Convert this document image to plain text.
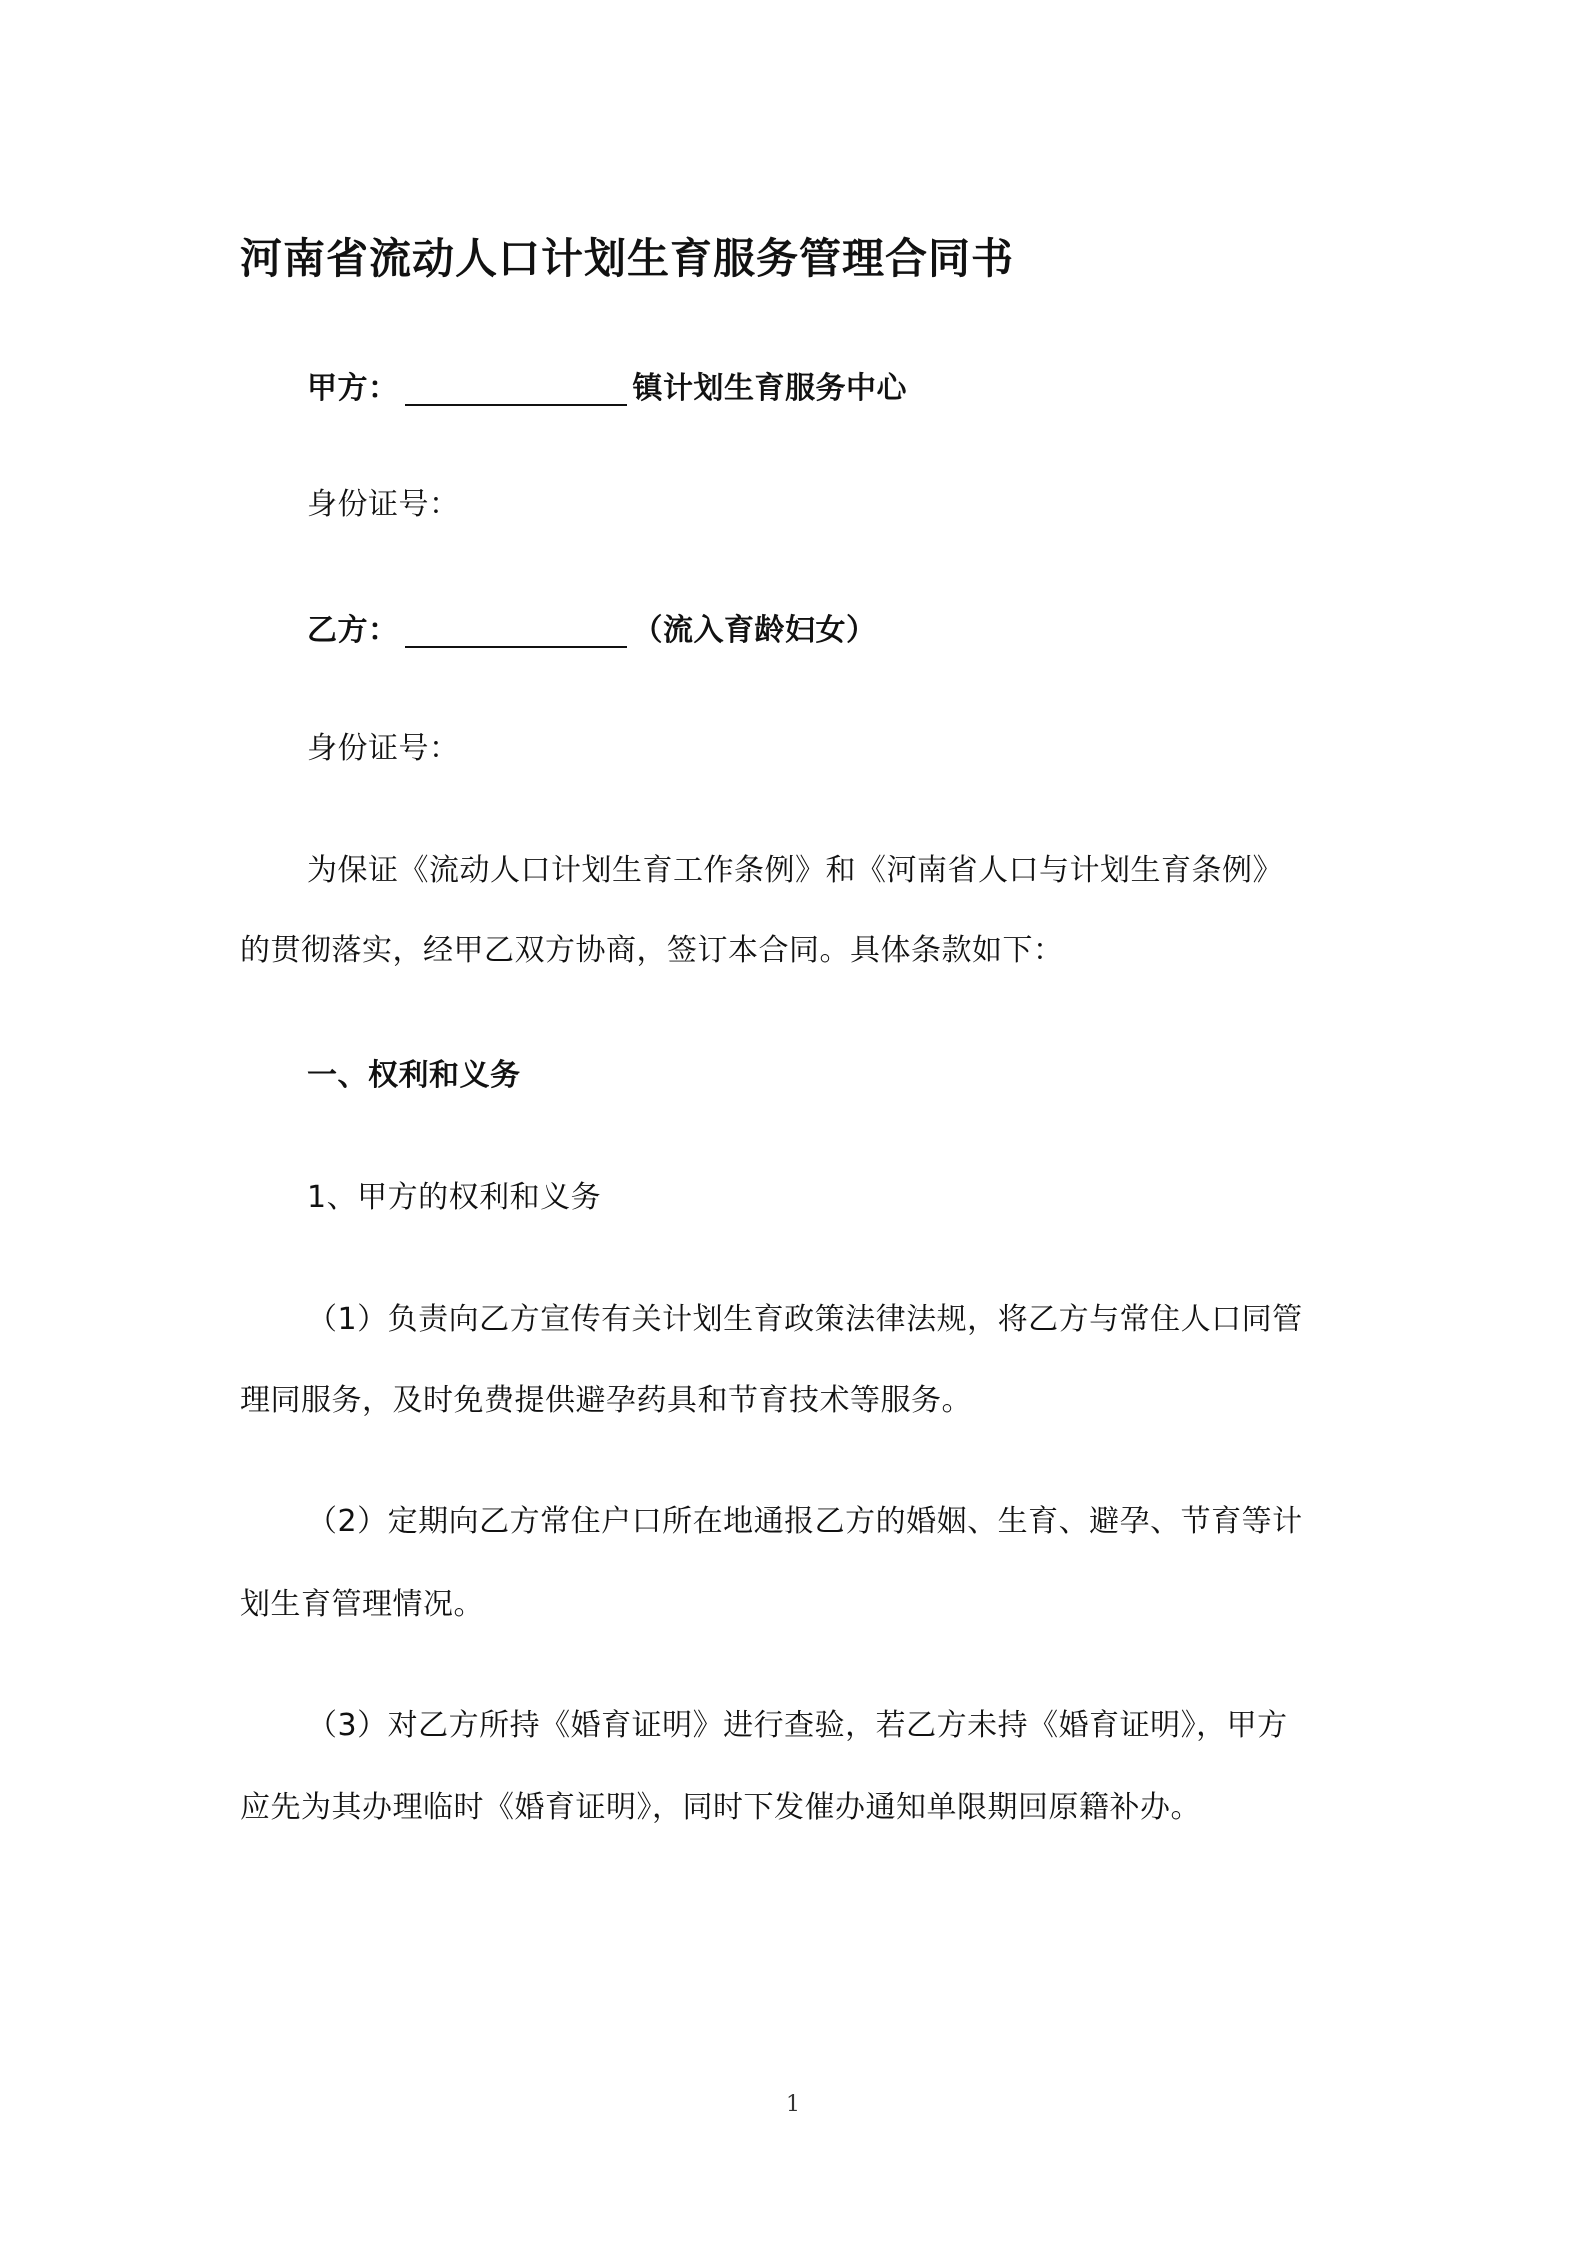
河南省流动人口计划生育服务管理合同书
甲方：	镇计划生育服务中心
身份证号：
乙方：	（流入育龄妇女）
身份证号：
为保证《流动人口计划生育工作条例》和《河南省人口与计划生育条例》
的贯彻落实，经甲乙双方协商，签订本合同。具体条款如下：
一、权利和义务
1、甲方的权利和义务
（1）负责向乙方宣传有关计划生育政策法律法规，将乙方与常住人口同管
理同服务，及时免费提供避孕药具和节育技术等服务。
（2）定期向乙方常住户口所在地通报乙方的婚姻、生育、避孕、节育等计
划生育管理情况。
（3）对乙方所持《婚育证明》进行查验，若乙方未持《婚育证明》，甲方
应先为其办理临时《婚育证明》，同时下发催办通知单限期回原籍补办。
1
